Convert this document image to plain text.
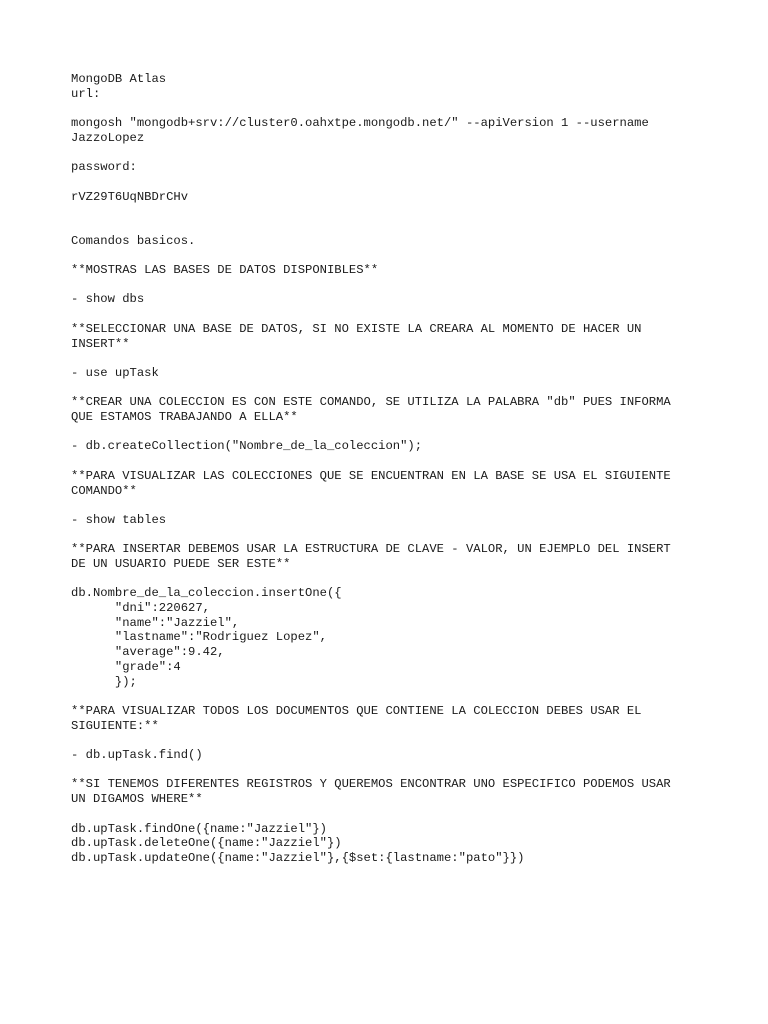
MongoDB Atlas
url:
mongosh "mongodb+srv://cluster0.oahxtpe.mongodb.net/" --apiVersion 1 --username
JazzoLopez
password:
rVZ29T6UqNBDrCHv
Comandos basicos.
**MOSTRAS LAS BASES DE DATOS DISPONIBLES**
- show dbs
**SELECCIONAR UNA BASE DE DATOS, SI NO EXISTE LA CREARA AL MOMENTO DE HACER UN
INSERT**
- use upTask
**CREAR UNA COLECCION ES CON ESTE COMANDO, SE UTILIZA LA PALABRA "db" PUES INFORMA
QUE ESTAMOS TRABAJANDO A ELLA**
- db.createCollection("Nombre_de_la_coleccion");
**PARA VISUALIZAR LAS COLECCIONES QUE SE ENCUENTRAN EN LA BASE SE USA EL SIGUIENTE
COMANDO**
- show tables
**PARA INSERTAR DEBEMOS USAR LA ESTRUCTURA DE CLAVE - VALOR, UN EJEMPLO DEL INSERT
DE UN USUARIO PUEDE SER ESTE**
db.Nombre_de_la_coleccion.insertOne({
"dni":220627,
"name":"Jazziel",
"lastname":"Rodriguez Lopez",
"average":9.42,
"grade":4
});
**PARA VISUALIZAR TODOS LOS DOCUMENTOS QUE CONTIENE LA COLECCION DEBES USAR EL
SIGUIENTE:**
- db.upTask.find()
**SI TENEMOS DIFERENTES REGISTROS Y QUEREMOS ENCONTRAR UNO ESPECIFICO PODEMOS USAR
UN DIGAMOS WHERE**
db.upTask.findOne({name:"Jazziel"})
db.upTask.deleteOne({name:"Jazziel"})
db.upTask.updateOne({name:"Jazziel"},{$set:{lastname:"pato"}})
